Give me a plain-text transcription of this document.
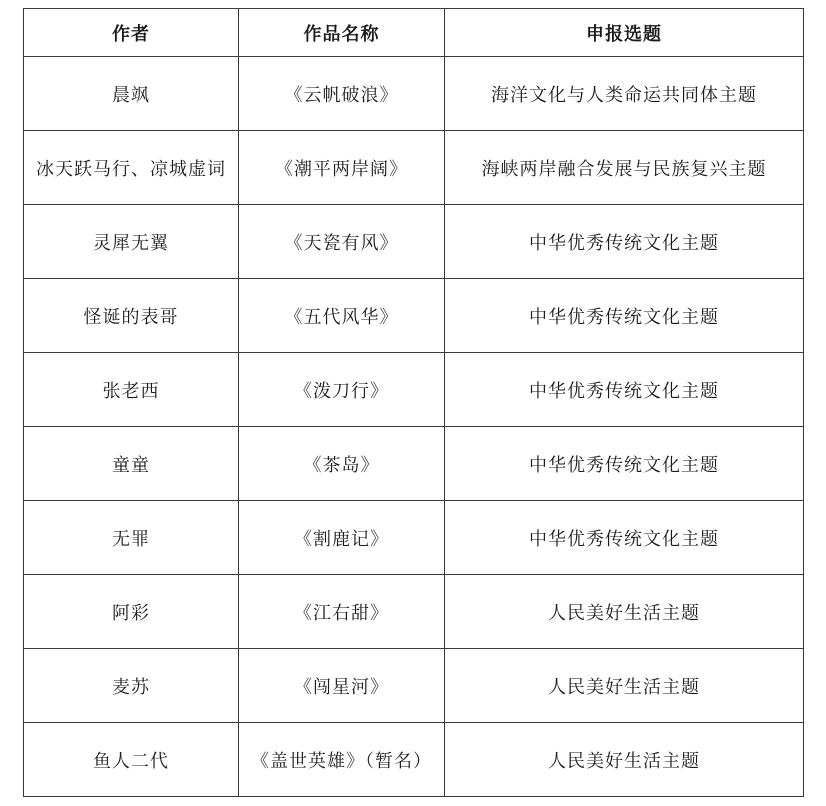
作者	作品名称	申报选题
晨飒	《云帆破浪》	海洋文化与人类命运共同体主题
冰天跃马行、凉城虚词	《潮平两岸阔》	海峡两岸融合发展与民族复兴主题
灵犀无翼	《天瓷有风》	中华优秀传统文化主题
怪诞的表哥	《五代风华》	中华优秀传统文化主题
张老西	《泼刀行》	中华优秀传统文化主题
童童	《茶岛》	中华优秀传统文化主题
无罪	《割鹿记》	中华优秀传统文化主题
阿彩	《江右甜》	人民美好生活主题
麦苏	《闯星河》	人民美好生活主题
鱼人二代	《盖世英雄》（暂名）	人民美好生活主题
